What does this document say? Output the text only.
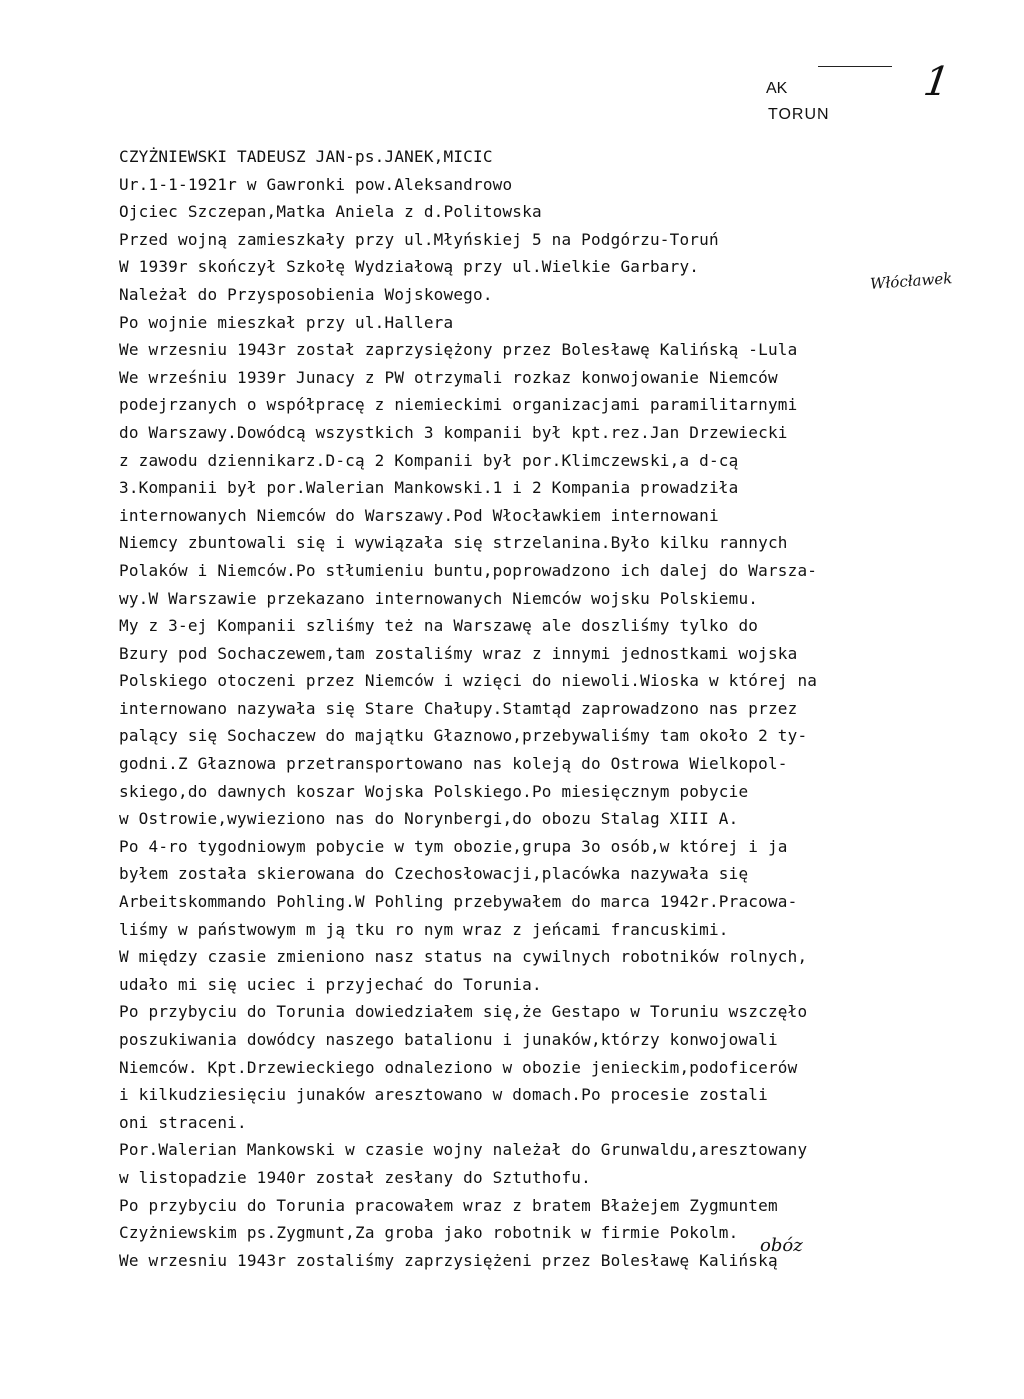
AK
TORUN
1
Włócławek
obóz
CZYŻNIEWSKI TADEUSZ JAN-ps.JANEK,MICIC
Ur.1-1-1921r w Gawronki pow.Aleksandrowo
Ojciec Szczepan,Matka Aniela z d.Politowska
Przed wojną zamieszkały przy ul.Młyńskiej 5 na Podgórzu-Toruń
W 1939r skończył Szkołę Wydziałową przy ul.Wielkie Garbary.
Należał do Przysposobienia Wojskowego.
Po wojnie mieszkał przy ul.Hallera
We wrzesniu 1943r został zaprzysiężony przez Bolesławę Kalińską -Lula
We wrześniu 1939r Junacy z PW otrzymali rozkaz konwojowanie Niemców
podejrzanych o współpracę z niemieckimi organizacjami paramilitarnymi
do Warszawy.Dowódcą wszystkich 3 kompanii był kpt.rez.Jan Drzewiecki
z zawodu dziennikarz.D-cą 2 Kompanii był por.Klimczewski,a d-cą
3.Kompanii był por.Walerian Mankowski.1 i 2 Kompania prowadziła
internowanych Niemców do Warszawy.Pod Włocławkiem internowani
Niemcy zbuntowali się i wywiązała się strzelanina.Było kilku rannych
Polaków i Niemców.Po stłumieniu buntu,poprowadzono ich dalej do Warsza-
wy.W Warszawie przekazano internowanych Niemców wojsku Polskiemu.
My z 3-ej Kompanii szliśmy też na Warszawę ale doszliśmy tylko do
Bzury pod Sochaczewem,tam zostaliśmy wraz z innymi jednostkami wojska
Polskiego otoczeni przez Niemców i wzięci do niewoli.Wioska w której na
internowano nazywała się Stare Chałupy.Stamtąd zaprowadzono nas przez
palący się Sochaczew do majątku Głaznowo,przebywaliśmy tam około 2 ty-
godni.Z Głaznowa przetransportowano nas koleją do Ostrowa Wielkopol-
skiego,do dawnych koszar Wojska Polskiego.Po miesięcznym pobycie
w Ostrowie,wywieziono nas do Norynbergi,do obozu Stalag XIII A.
Po 4-ro tygodniowym pobycie w tym obozie,grupa 3o osób,w której i ja
byłem została skierowana do Czechosłowacji,placówka nazywała się
Arbeitskommando Pohling.W Pohling przebywałem do marca 1942r.Pracowa-
liśmy w państwowym m ją tku ro nym wraz z jeńcami francuskimi.
W między czasie zmieniono nasz status na cywilnych robotników rolnych,
udało mi się uciec i przyjechać do Torunia.
Po przybyciu do Torunia dowiedziałem się,że Gestapo w Toruniu wszczęło
poszukiwania dowódcy naszego batalionu i junaków,którzy konwojowali
Niemców. Kpt.Drzewieckiego odnaleziono w obozie jenieckim,podoficerów
i kilkudziesięciu junaków aresztowano w domach.Po procesie zostali
oni straceni.
Por.Walerian Mankowski w czasie wojny należał do Grunwaldu,aresztowany
w listopadzie 1940r został zesłany do Sztuthofu.
Po przybyciu do Torunia pracowałem wraz z bratem Błażejem Zygmuntem
Czyżniewskim ps.Zygmunt,Za groba jako robotnik w firmie Pokolm.
We wrzesniu 1943r zostaliśmy zaprzysiężeni przez Bolesławę Kalińską
